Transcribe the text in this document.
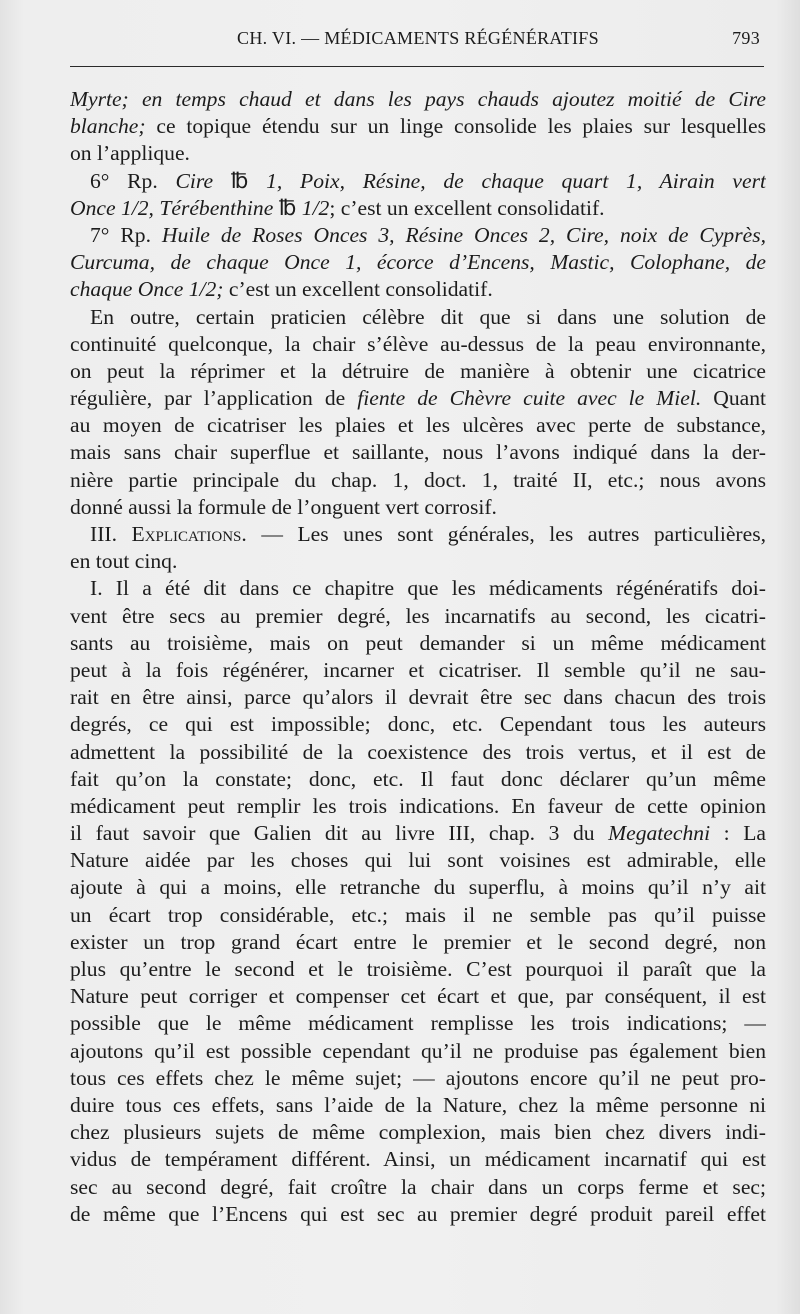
CH. VI. — MÉDICAMENTS RÉGÉNÉRATIFS	793
Myrte; en temps chaud et dans les pays chauds ajoutez moitié de Cire
blanche; ce topique étendu sur un linge consolide les plaies sur lesquelles
on l’applique.
6° Rp. Cire ℔ 1, Poix, Résine, de chaque quart 1, Airain vert
Once 1/2, Térébenthine ℔ 1/2; c’est un excellent consolidatif.
7° Rp. Huile de Roses Onces 3, Résine Onces 2, Cire, noix de Cyprès,
Curcuma, de chaque Once 1, écorce d’Encens, Mastic, Colophane, de
chaque Once 1/2; c’est un excellent consolidatif.
En outre, certain praticien célèbre dit que si dans une solution de
continuité quelconque, la chair s’élève au-dessus de la peau environnante,
on peut la réprimer et la détruire de manière à obtenir une cicatrice
régulière, par l’application de fiente de Chèvre cuite avec le Miel. Quant
au moyen de cicatriser les plaies et les ulcères avec perte de substance,
mais sans chair superflue et saillante, nous l’avons indiqué dans la der-
nière partie principale du chap. 1, doct. 1, traité II, etc.; nous avons
donné aussi la formule de l’onguent vert corrosif.
III. Explications. — Les unes sont générales, les autres particulières,
en tout cinq.
I. Il a été dit dans ce chapitre que les médicaments régénératifs doi-
vent être secs au premier degré, les incarnatifs au second, les cicatri-
sants au troisième, mais on peut demander si un même médicament
peut à la fois régénérer, incarner et cicatriser. Il semble qu’il ne sau-
rait en être ainsi, parce qu’alors il devrait être sec dans chacun des trois
degrés, ce qui est impossible; donc, etc. Cependant tous les auteurs
admettent la possibilité de la coexistence des trois vertus, et il est de
fait qu’on la constate; donc, etc. Il faut donc déclarer qu’un même
médicament peut remplir les trois indications. En faveur de cette opinion
il faut savoir que Galien dit au livre III, chap. 3 du Megatechni : La
Nature aidée par les choses qui lui sont voisines est admirable, elle
ajoute à qui a moins, elle retranche du superflu, à moins qu’il n’y ait
un écart trop considérable, etc.; mais il ne semble pas qu’il puisse
exister un trop grand écart entre le premier et le second degré, non
plus qu’entre le second et le troisième. C’est pourquoi il paraît que la
Nature peut corriger et compenser cet écart et que, par conséquent, il est
possible que le même médicament remplisse les trois indications; —
ajoutons qu’il est possible cependant qu’il ne produise pas également bien
tous ces effets chez le même sujet; — ajoutons encore qu’il ne peut pro-
duire tous ces effets, sans l’aide de la Nature, chez la même personne ni
chez plusieurs sujets de même complexion, mais bien chez divers indi-
vidus de tempérament différent. Ainsi, un médicament incarnatif qui est
sec au second degré, fait croître la chair dans un corps ferme et sec;
de même que l’Encens qui est sec au premier degré produit pareil effet
